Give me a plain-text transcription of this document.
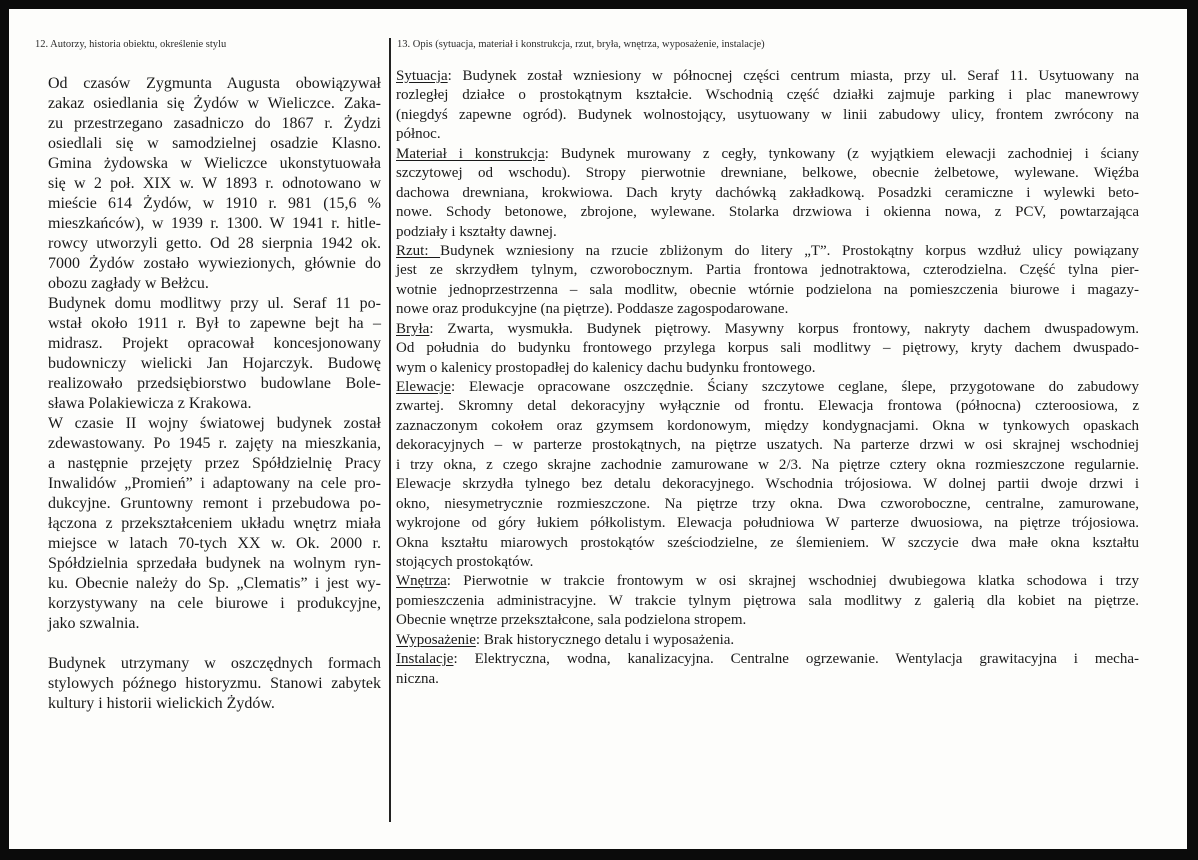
12. Autorzy, historia obiektu, określenie stylu	13. Opis (sytuacja, materiał i konstrukcja, rzut, bryła, wnętrza, wyposażenie, instalacje)
Od czasów Zygmunta Augusta obowiązywał
zakaz osiedlania się Żydów w Wieliczce. Zaka-
zu przestrzegano zasadniczo do 1867 r. Żydzi
osiedlali się w samodzielnej osadzie Klasno.
Gmina żydowska w Wieliczce ukonstytuowała
się w 2 poł. XIX w. W 1893 r. odnotowano w
mieście 614 Żydów, w 1910 r. 981 (15,6 %
mieszkańców), w 1939 r. 1300. W 1941 r. hitle-
rowcy utworzyli getto. Od 28 sierpnia 1942 ok.
7000 Żydów zostało wywiezionych, głównie do
obozu zagłady w Bełżcu.
Budynek domu modlitwy przy ul. Seraf 11 po-
wstał około 1911 r. Był to zapewne bejt ha –
midrasz. Projekt opracował koncesjonowany
budowniczy wielicki Jan Hojarczyk. Budowę
realizowało przedsiębiorstwo budowlane Bole-
sława Polakiewicza z Krakowa.
W czasie II wojny światowej budynek został
zdewastowany. Po 1945 r. zajęty na mieszkania,
a następnie przejęty przez Spółdzielnię Pracy
Inwalidów „Promień” i adaptowany na cele pro-
dukcyjne. Gruntowny remont i przebudowa po-
łączona z przekształceniem układu wnętrz miała
miejsce w latach 70-tych XX w. Ok. 2000 r.
Spółdzielnia sprzedała budynek na wolnym ryn-
ku. Obecnie należy do Sp. „Clematis” i jest wy-
korzystywany na cele biurowe i produkcyjne,
jako szwalnia.
Budynek utrzymany w oszczędnych formach
stylowych późnego historyzmu. Stanowi zabytek
kultury i historii wielickich Żydów.
Sytuacja: Budynek został wzniesiony w północnej części centrum miasta, przy ul. Seraf 11. Usytuowany na
rozległej działce o prostokątnym kształcie. Wschodnią część działki zajmuje parking i plac manewrowy
(niegdyś zapewne ogród). Budynek wolnostojący, usytuowany w linii zabudowy ulicy, frontem zwrócony na
północ.
Materiał i konstrukcja: Budynek murowany z cegły, tynkowany (z wyjątkiem elewacji zachodniej i ściany
szczytowej od wschodu). Stropy pierwotnie drewniane, belkowe, obecnie żelbetowe, wylewane. Więźba
dachowa drewniana, krokwiowa. Dach kryty dachówką zakładkową. Posadzki ceramiczne i wylewki beto-
nowe. Schody betonowe, zbrojone, wylewane. Stolarka drzwiowa i okienna nowa, z PCV, powtarzająca
podziały i kształty dawnej.
Rzut: Budynek wzniesiony na rzucie zbliżonym do litery „T”. Prostokątny korpus wzdłuż ulicy powiązany
jest ze skrzydłem tylnym, czworobocznym. Partia frontowa jednotraktowa, czterodzielna. Część tylna pier-
wotnie jednoprzestrzenna – sala modlitw, obecnie wtórnie podzielona na pomieszczenia biurowe i magazy-
nowe oraz produkcyjne (na piętrze). Poddasze zagospodarowane.
Bryła: Zwarta, wysmukła. Budynek piętrowy. Masywny korpus frontowy, nakryty dachem dwuspadowym.
Od południa do budynku frontowego przylega korpus sali modlitwy – piętrowy, kryty dachem dwuspado-
wym o kalenicy prostopadłej do kalenicy dachu budynku frontowego.
Elewacje: Elewacje opracowane oszczędnie. Ściany szczytowe ceglane, ślepe, przygotowane do zabudowy
zwartej. Skromny detal dekoracyjny wyłącznie od frontu. Elewacja frontowa (północna) czteroosiowa, z
zaznaczonym cokołem oraz gzymsem kordonowym, między kondygnacjami. Okna w tynkowych opaskach
dekoracyjnych – w parterze prostokątnych, na piętrze uszatych. Na parterze drzwi w osi skrajnej wschodniej
i trzy okna, z czego skrajne zachodnie zamurowane w 2/3. Na piętrze cztery okna rozmieszczone regularnie.
Elewacje skrzydła tylnego bez detalu dekoracyjnego. Wschodnia trójosiowa. W dolnej partii dwoje drzwi i
okno, niesymetrycznie rozmieszczone. Na piętrze trzy okna. Dwa czworoboczne, centralne, zamurowane,
wykrojone od góry łukiem półkolistym. Elewacja południowa W parterze dwuosiowa, na piętrze trójosiowa.
Okna kształtu miarowych prostokątów sześciodzielne, ze ślemieniem. W szczycie dwa małe okna kształtu
stojących prostokątów.
Wnętrza: Pierwotnie w trakcie frontowym w osi skrajnej wschodniej dwubiegowa klatka schodowa i trzy
pomieszczenia administracyjne. W trakcie tylnym piętrowa sala modlitwy z galerią dla kobiet na piętrze.
Obecnie wnętrze przekształcone, sala podzielona stropem.
Wyposażenie: Brak historycznego detalu i wyposażenia.
Instalacje: Elektryczna, wodna, kanalizacyjna. Centralne ogrzewanie. Wentylacja grawitacyjna i mecha-
niczna.
